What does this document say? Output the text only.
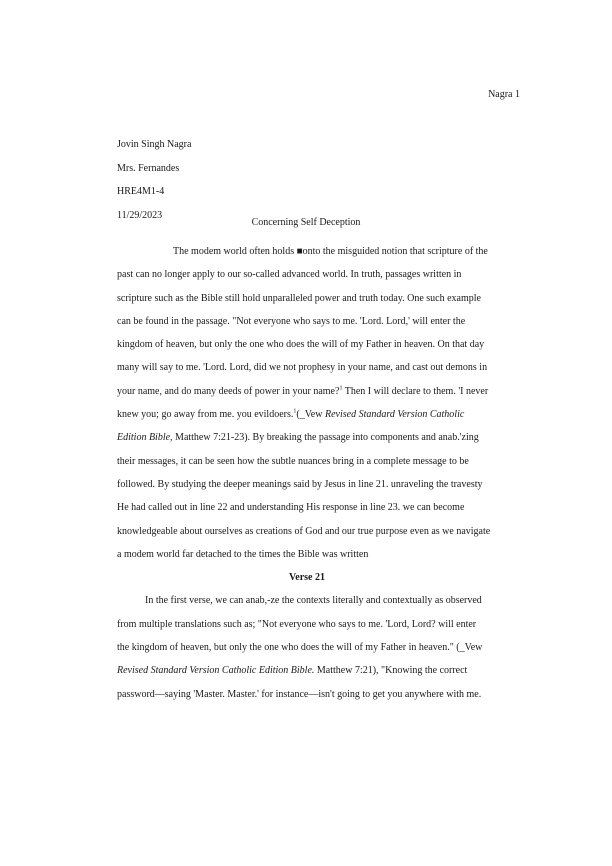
Nagra 1
Jovin Singh Nagra
Mrs. Fernandes
HRE4M1-4
11/29/2023
Concerning Self Deception
The modem world often holds ■onto the misguided notion that scripture of the
past can no longer apply to our so-called advanced world. In truth, passages written in
scripture such as the Bible still hold unparalleled power and truth today. One such example
can be found in the passage. "Not everyone who says to me. 'Lord. Lord,' will enter the
kingdom of heaven, but only the one who does the will of my Father in heaven. On that day
many will say to me. 'Lord. Lord, did we not prophesy in your name, and cast out demons in
your name, and do many deeds of power in your name?$^1$ Then I will declare to them. 'I never
knew you; go away from me. you evildoers.$^1$(_Vew Revised Standard Version Catholic
Edition Bible, Matthew 7:21-23). By breaking the passage into components and anab.'zing
their messages, it can be seen how the subtle nuances bring in a complete message to be
followed. By studying the deeper meanings said by Jesus in line 21. unraveling the travesty
He had called out in line 22 and understanding His response in line 23. we can become
knowledgeable about ourselves as creations of God and our true purpose even as we navigate
a modem world far detached to the times the Bible was written
Verse 21
In the first verse, we can anab,-ze the contexts literally and contextually as observed
from multiple translations such as; "Not everyone who says to me. 'Lord, Lord? will enter
the kingdom of heaven, but only the one who does the will of my Father in heaven." (_Vew
Revised Standard Version Catholic Edition Bible. Matthew 7:21), "Knowing the correct
password—saying 'Master. Master.' for instance—isn't going to get you anywhere with me.
